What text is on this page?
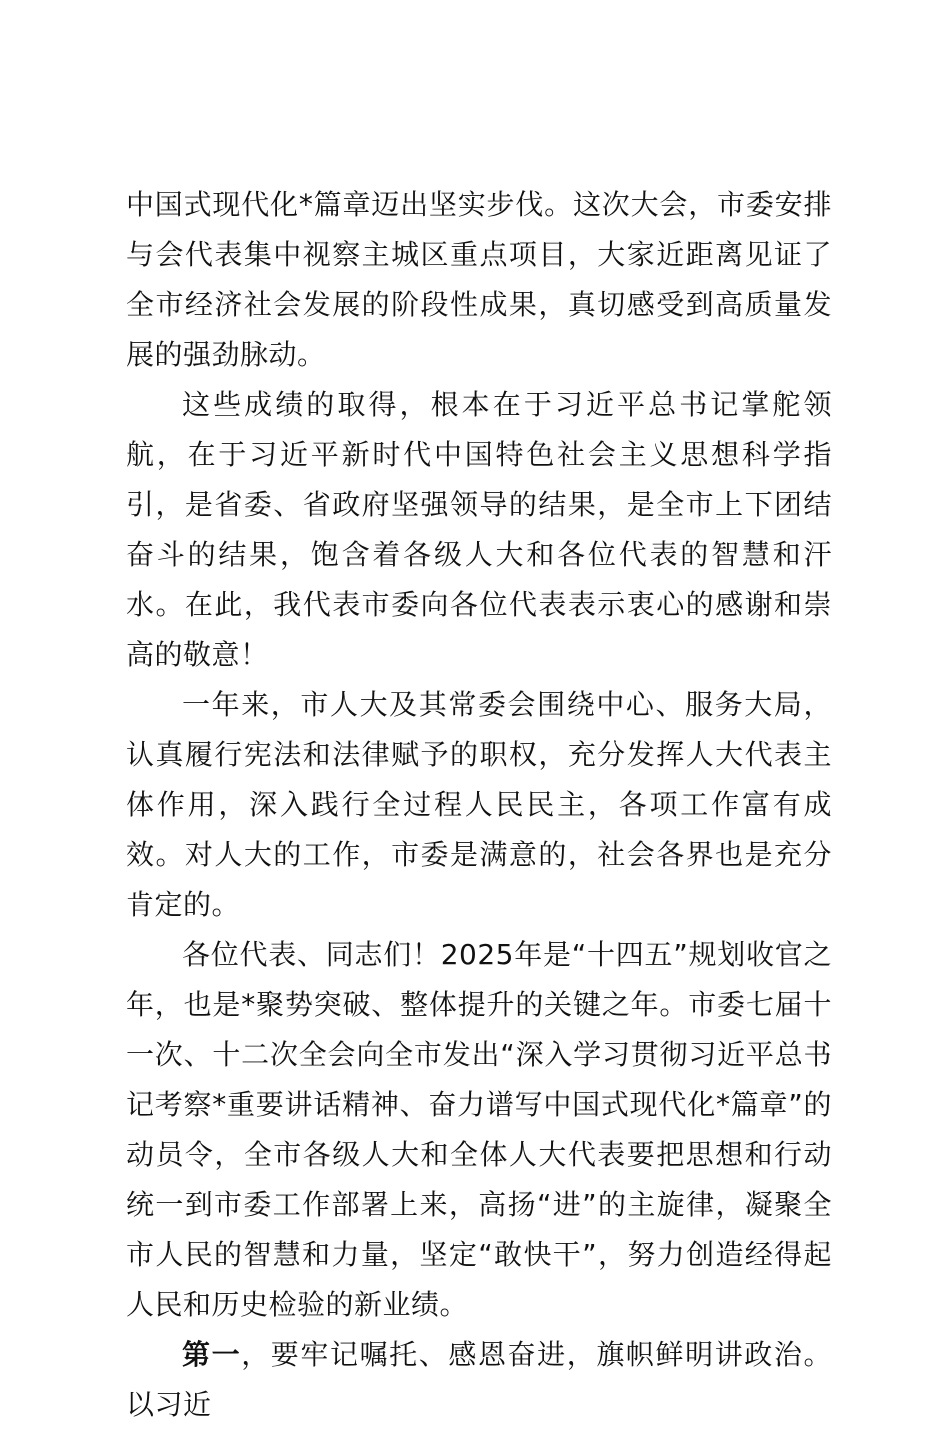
中国式现代化*篇章迈出坚实步伐。这次大会，市委安排与会代表集中视察主城区重点项目，大家近距离见证了全市经济社会发展的阶段性成果，真切感受到高质量发展的强劲脉动。

这些成绩的取得，根本在于习近平总书记掌舵领航，在于习近平新时代中国特色社会主义思想科学指引，是省委、省政府坚强领导的结果，是全市上下团结奋斗的结果，饱含着各级人大和各位代表的智慧和汗水。在此，我代表市委向各位代表表示衷心的感谢和崇高的敬意！

一年来，市人大及其常委会围绕中心、服务大局，认真履行宪法和法律赋予的职权，充分发挥人大代表主体作用，深入践行全过程人民民主，各项工作富有成效。对人大的工作，市委是满意的，社会各界也是充分肯定的。

各位代表、同志们！2025年是“十四五”规划收官之年，也是*聚势突破、整体提升的关键之年。市委七届十一次、十二次全会向全市发出“深入学习贯彻习近平总书记考察*重要讲话精神、奋力谱写中国式现代化*篇章”的动员令，全市各级人大和全体人大代表要把思想和行动统一到市委工作部署上来，高扬“进”的主旋律，凝聚全市人民的智慧和力量，坚定“敢快干”，努力创造经得起人民和历史检验的新业绩。

第一，要牢记嘱托、感恩奋进，旗帜鲜明讲政治。以习近
